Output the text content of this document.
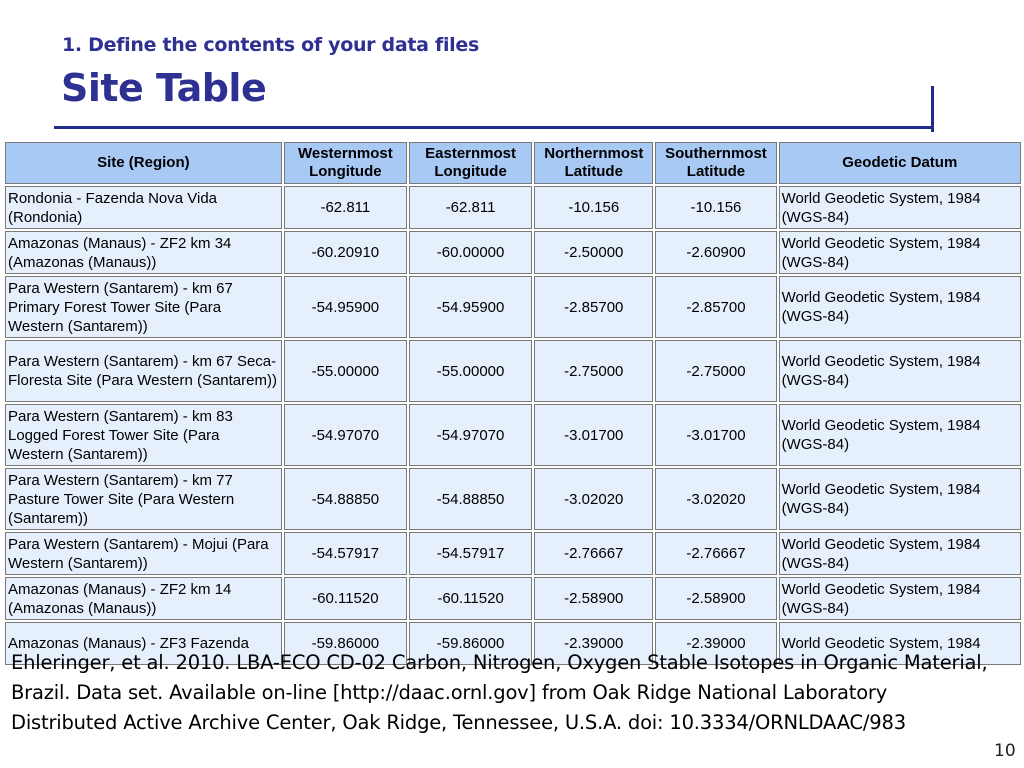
1. Define the contents of your data files
Site Table
Site (Region)	Westernmost Longitude	Easternmost Longitude	Northernmost Latitude	Southernmost Latitude	Geodetic Datum
Rondonia - Fazenda Nova Vida (Rondonia)	-62.811	-62.811	-10.156	-10.156	World Geodetic System, 1984 (WGS-84)
Amazonas (Manaus) - ZF2 km 34 (Amazonas (Manaus))	-60.20910	-60.00000	-2.50000	-2.60900	World Geodetic System, 1984 (WGS-84)
Para Western (Santarem) - km 67 Primary Forest Tower Site (Para Western (Santarem))	-54.95900	-54.95900	-2.85700	-2.85700	World Geodetic System, 1984 (WGS-84)
Para Western (Santarem) - km 67 Seca-Floresta Site (Para Western (Santarem))	-55.00000	-55.00000	-2.75000	-2.75000	World Geodetic System, 1984 (WGS-84)
Para Western (Santarem) - km 83 Logged Forest Tower Site (Para Western (Santarem))	-54.97070	-54.97070	-3.01700	-3.01700	World Geodetic System, 1984 (WGS-84)
Para Western (Santarem) - km 77 Pasture Tower Site (Para Western (Santarem))	-54.88850	-54.88850	-3.02020	-3.02020	World Geodetic System, 1984 (WGS-84)
Para Western (Santarem) - Mojui (Para Western (Santarem))	-54.57917	-54.57917	-2.76667	-2.76667	World Geodetic System, 1984 (WGS-84)
Amazonas (Manaus) - ZF2 km 14 (Amazonas (Manaus))	-60.11520	-60.11520	-2.58900	-2.58900	World Geodetic System, 1984 (WGS-84)
Amazonas (Manaus) - ZF3 Fazenda	-59.86000	-59.86000	-2.39000	-2.39000	World Geodetic System, 1984
Ehleringer, et al. 2010. LBA-ECO CD-02 Carbon, Nitrogen, Oxygen Stable Isotopes in Organic Material, Brazil. Data set. Available on-line [http://daac.ornl.gov] from Oak Ridge National Laboratory Distributed Active Archive Center, Oak Ridge, Tennessee, U.S.A. doi: 10.3334/ORNLDAAC/983
10
